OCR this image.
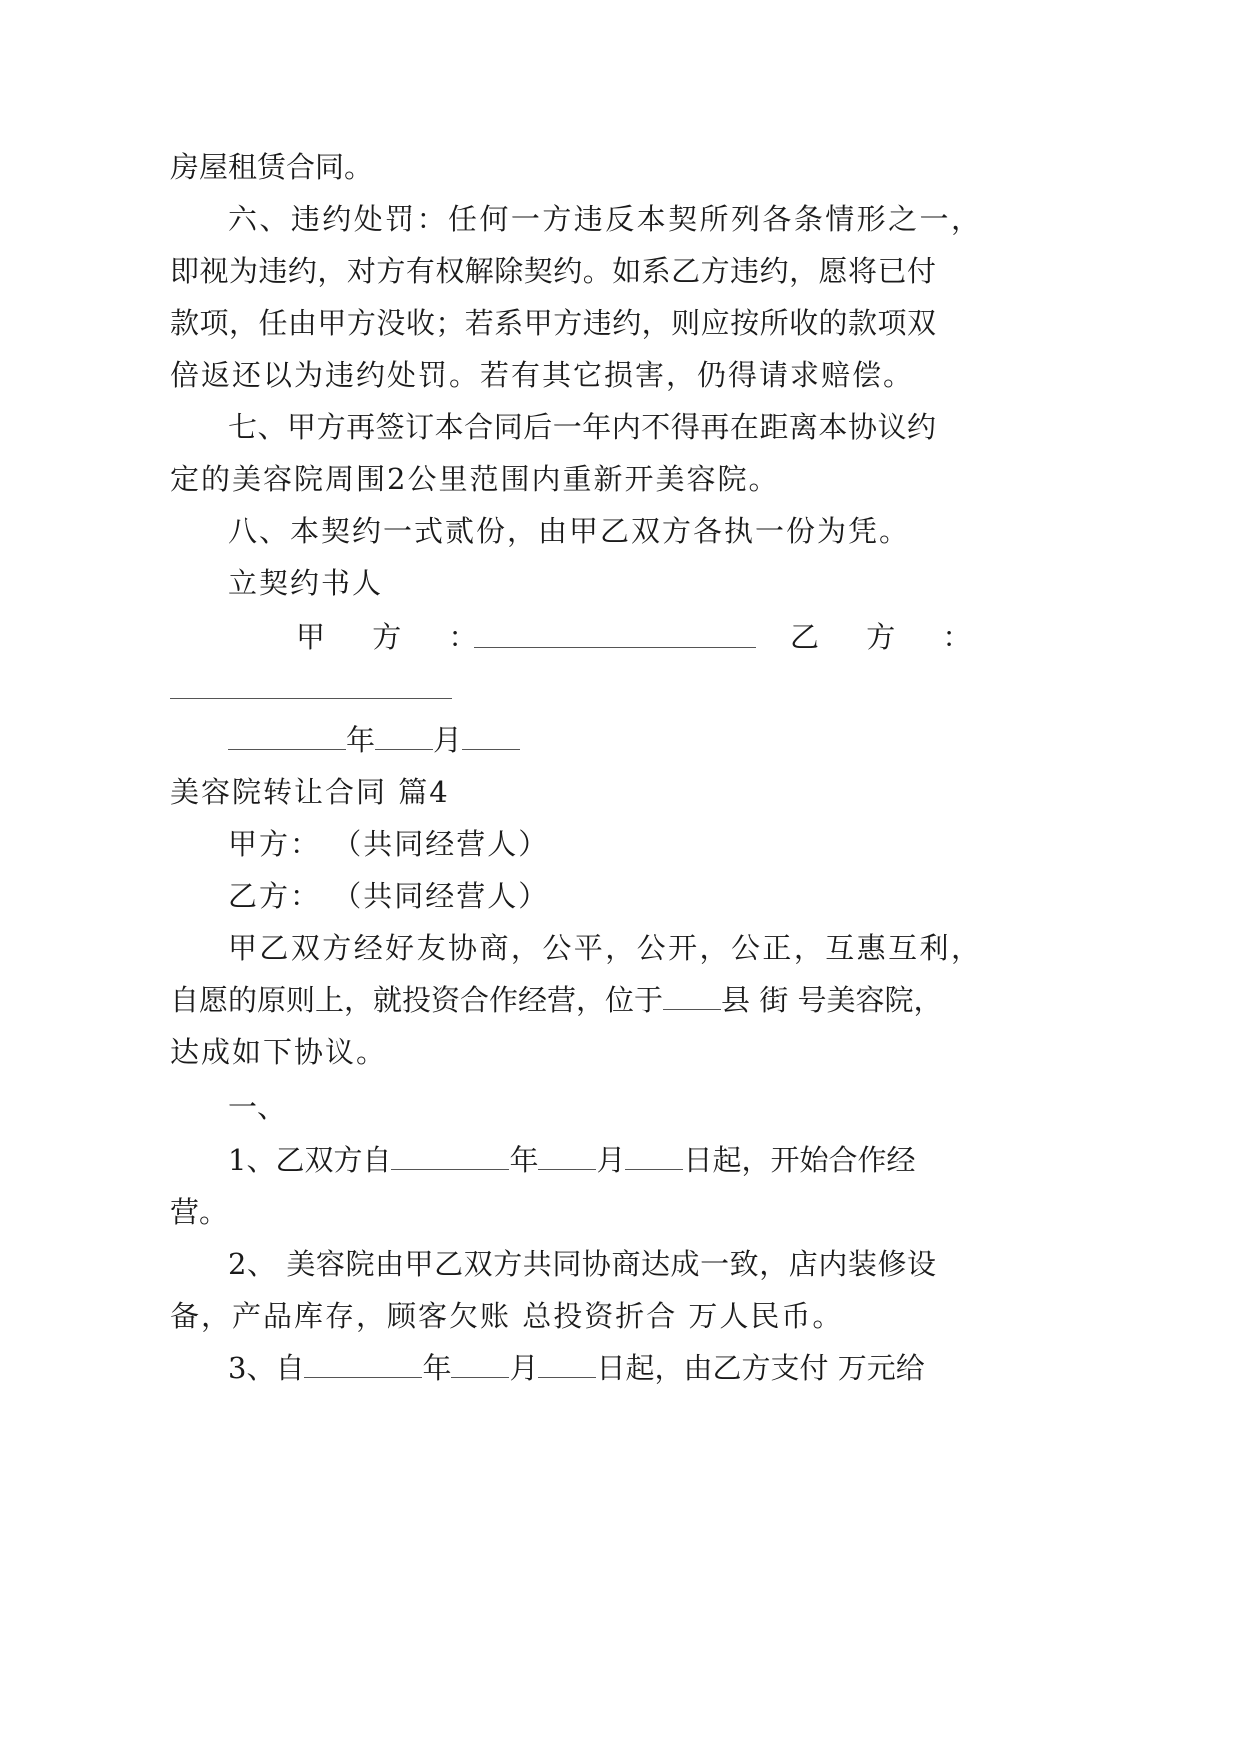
房屋租赁合同。
六、违约处罚：任何一方违反本契所列各条情形之一，
即视为违约，对方有权解除契约。如系乙方违约，愿将已付
款项，任由甲方没收；若系甲方违约，则应按所收的款项双
倍返还以为违约处罚。若有其它损害，仍得请求赔偿。
七、甲方再签订本合同后一年内不得再在距离本协议约
定的美容院周围2公里范围内重新开美容院。
八、本契约一式贰份，由甲乙双方各执一份为凭。
立契约书人
甲 方 ：	乙 方 ：
年 月
美容院转让合同 篇4
甲方： （共同经营人）
乙方： （共同经营人）
甲乙双方经好友协商，公平，公开，公正，互惠互利，
自愿的原则上，就投资合作经营，位于 县 街 号美容院，
达成如下协议。
一、
1、乙双方自	年 月 日起，开始合作经
营。
2、 美容院由甲乙双方共同协商达成一致，店内装修设
备，产品库存，顾客欠账 总投资折合 万人民币。
3、自	年 月 日起，由乙方支付 万元给
